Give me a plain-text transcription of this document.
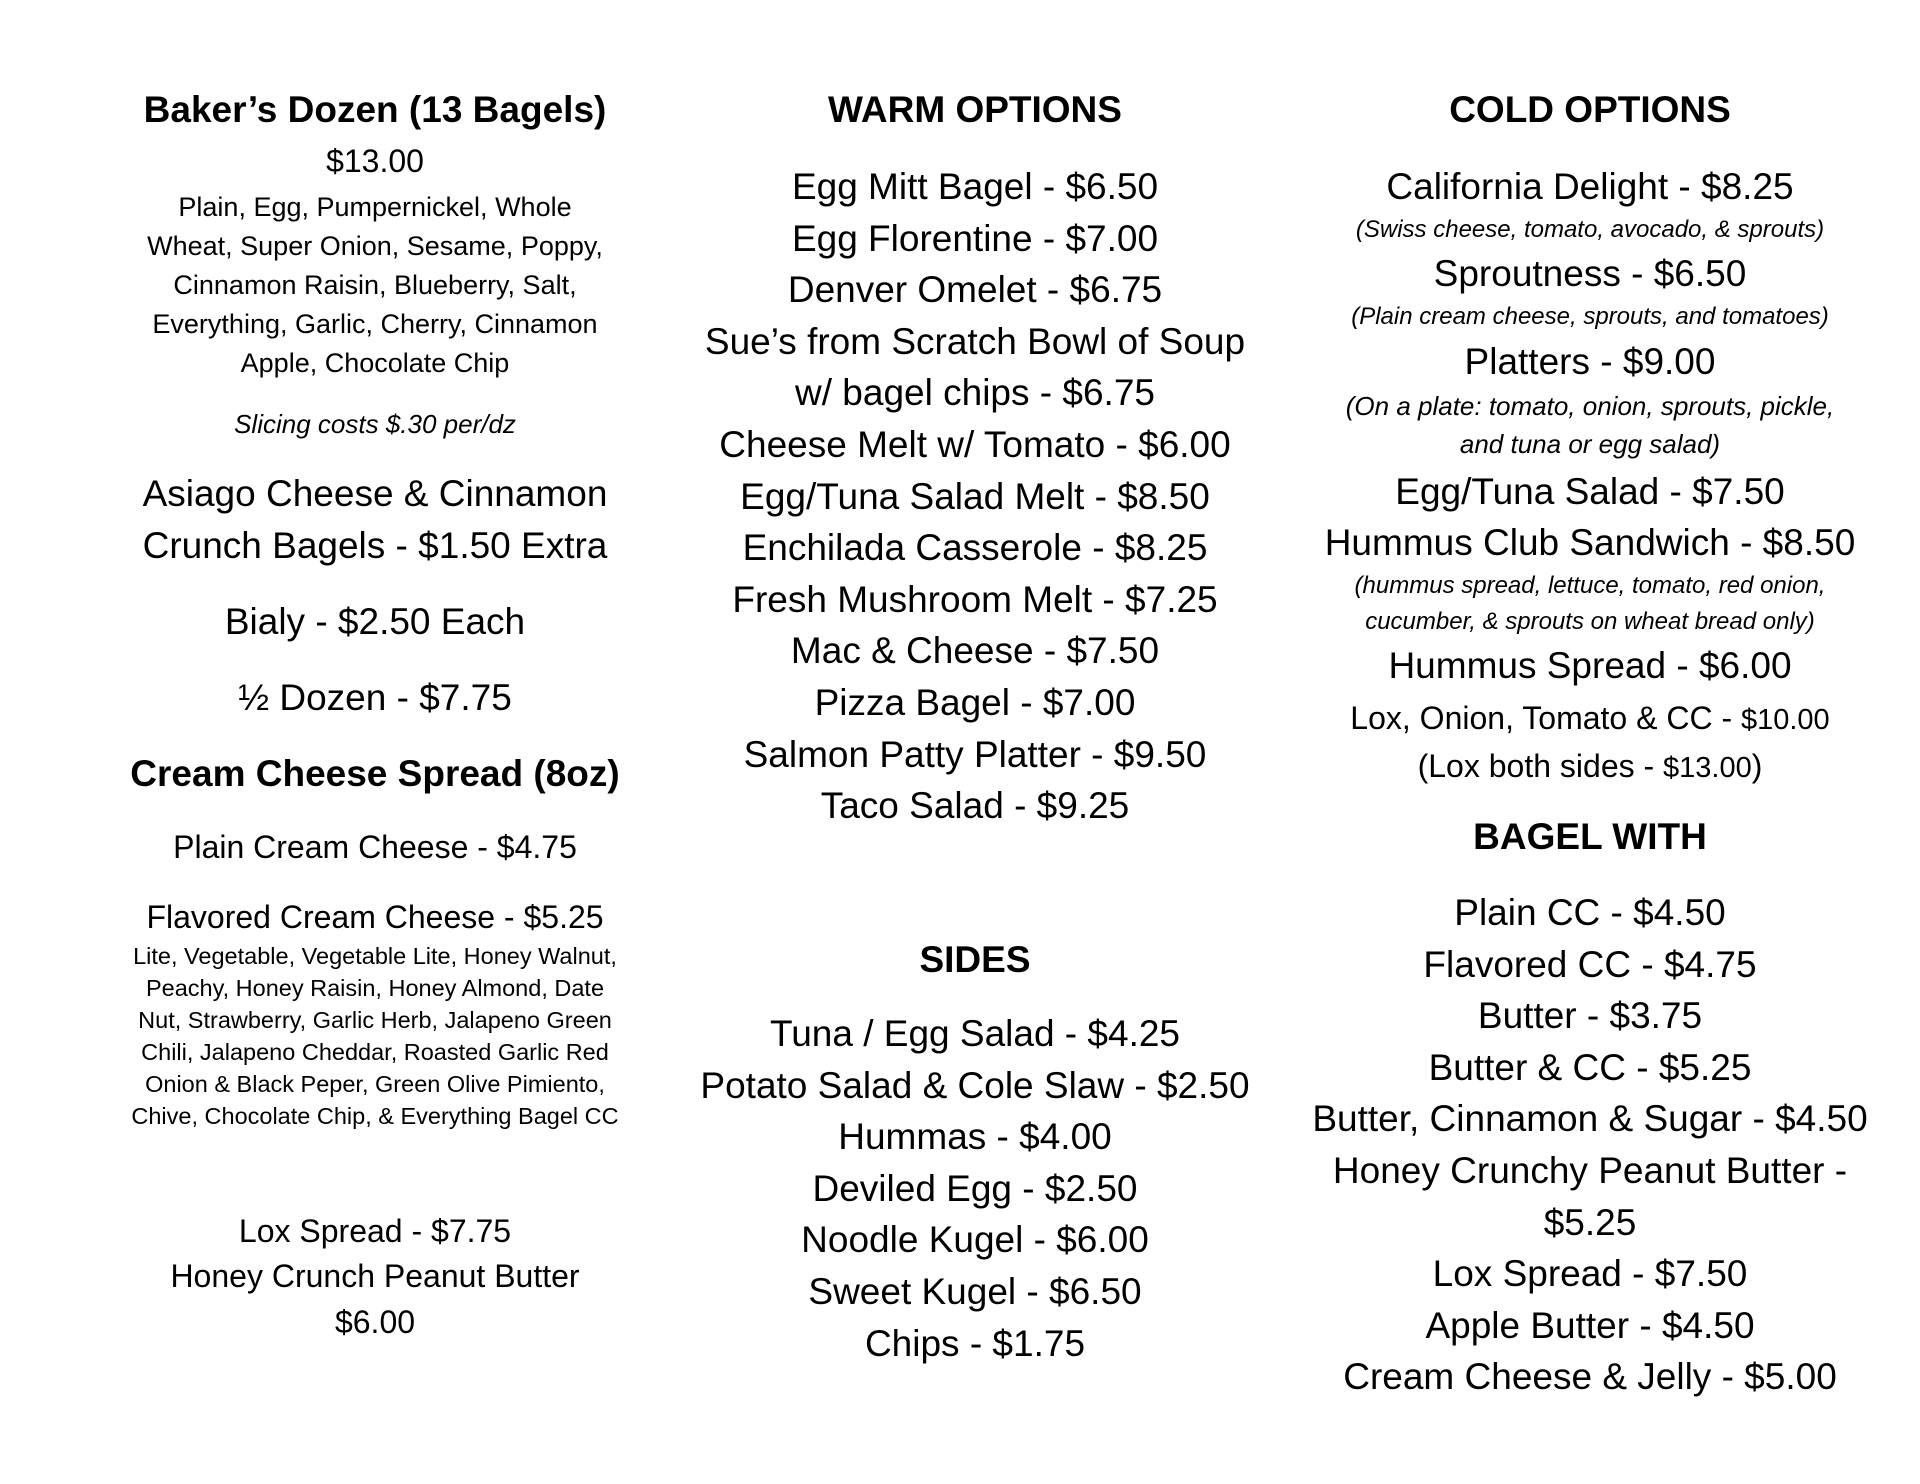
Baker’s Dozen (13 Bagels)
$13.00
Plain, Egg, Pumpernickel, Whole
Wheat, Super Onion, Sesame, Poppy,
Cinnamon Raisin, Blueberry, Salt,
Everything, Garlic, Cherry, Cinnamon
Apple, Chocolate Chip
Slicing costs $.30 per/dz
Asiago Cheese & Cinnamon
Crunch Bagels - $1.50 Extra
Bialy - $2.50 Each
½ Dozen - $7.75
Cream Cheese Spread (8oz)
Plain Cream Cheese - $4.75
Flavored Cream Cheese - $5.25
Lite, Vegetable, Vegetable Lite, Honey Walnut,
Peachy, Honey Raisin, Honey Almond, Date
Nut, Strawberry, Garlic Herb, Jalapeno Green
Chili, Jalapeno Cheddar, Roasted Garlic Red
Onion & Black Peper, Green Olive Pimiento,
Chive, Chocolate Chip, & Everything Bagel CC
Lox Spread - $7.75
Honey Crunch Peanut Butter
$6.00
WARM OPTIONS
Egg Mitt Bagel - $6.50
Egg Florentine - $7.00
Denver Omelet - $6.75
Sue’s from Scratch Bowl of Soup
w/ bagel chips - $6.75
Cheese Melt w/ Tomato - $6.00
Egg/Tuna Salad Melt - $8.50
Enchilada Casserole - $8.25
Fresh Mushroom Melt - $7.25
Mac & Cheese - $7.50
Pizza Bagel - $7.00
Salmon Patty Platter - $9.50
Taco Salad - $9.25
SIDES
Tuna / Egg Salad - $4.25
Potato Salad & Cole Slaw - $2.50
Hummas - $4.00
Deviled Egg - $2.50
Noodle Kugel - $6.00
Sweet Kugel - $6.50
Chips - $1.75
COLD OPTIONS
California Delight - $8.25
(Swiss cheese, tomato, avocado, & sprouts)
Sproutness - $6.50
(Plain cream cheese, sprouts, and tomatoes)
Platters - $9.00
(On a plate: tomato, onion, sprouts, pickle,
and tuna or egg salad)
Egg/Tuna Salad - $7.50
Hummus Club Sandwich - $8.50
(hummus spread, lettuce, tomato, red onion,
cucumber, & sprouts on wheat bread only)
Hummus Spread - $6.00
Lox, Onion, Tomato & CC - $10.00
(Lox both sides - $13.00)
BAGEL WITH
Plain CC - $4.50
Flavored CC - $4.75
Butter - $3.75
Butter & CC - $5.25
Butter, Cinnamon & Sugar - $4.50
Honey Crunchy Peanut Butter -
$5.25
Lox Spread - $7.50
Apple Butter - $4.50
Cream Cheese & Jelly - $5.00
